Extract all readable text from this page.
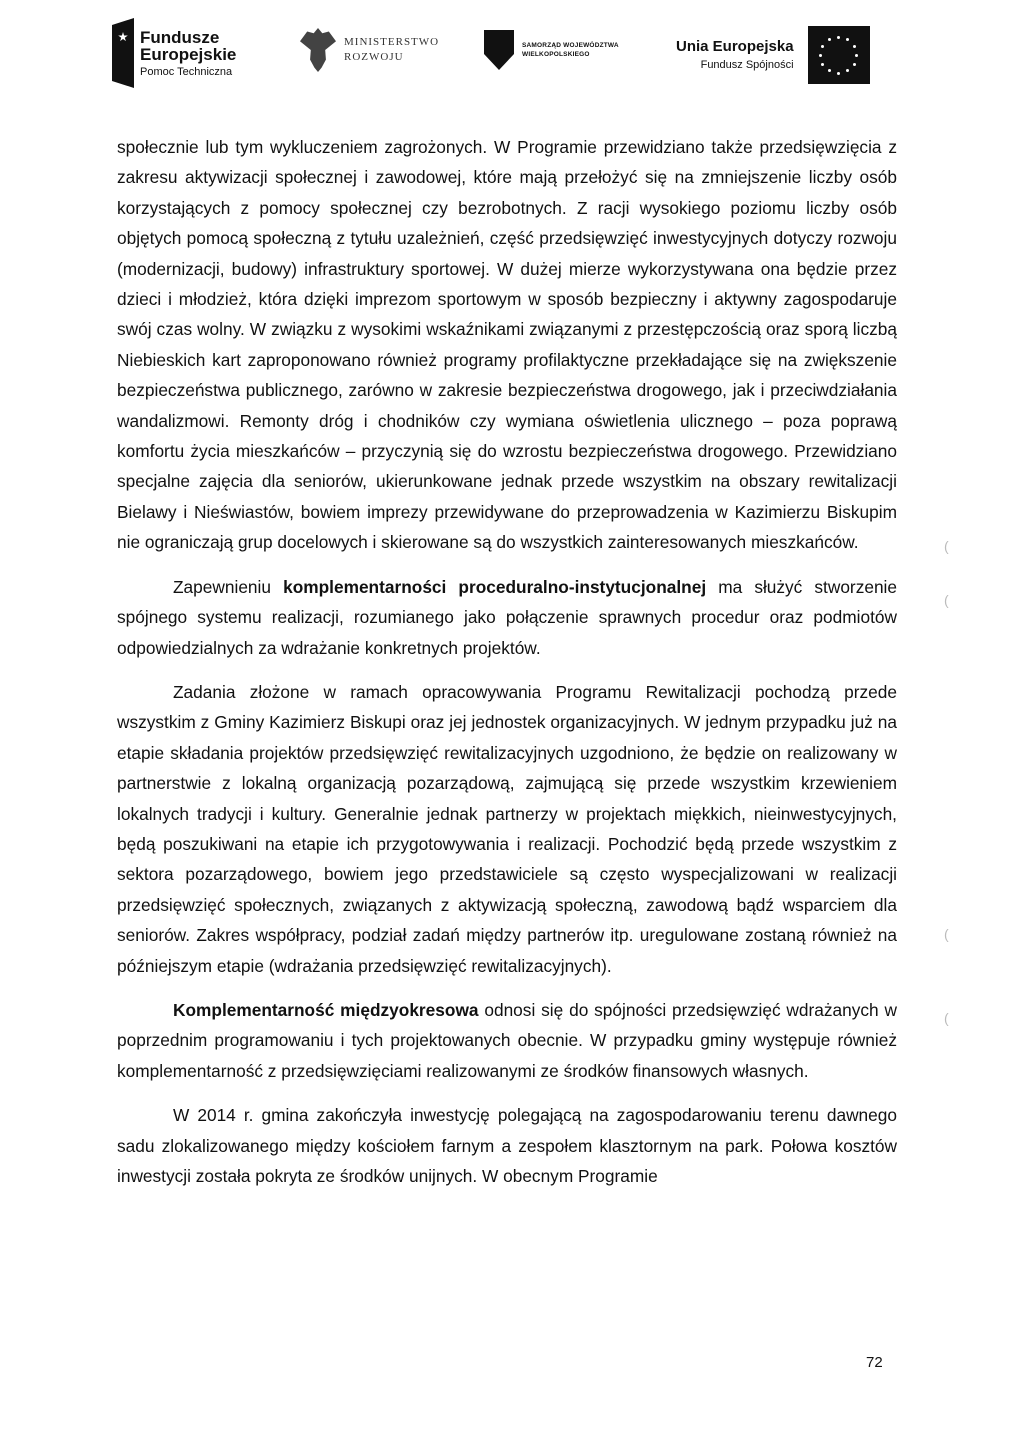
Fundusze
Europejskie
Pomoc Techniczna
MINISTERSTWO
ROZWOJU
SAMORZĄD WOJEWÓDZTWA
WIELKOPOLSKIEGO	Unia Europejska
Fundusz Spójności

społecznie lub tym wykluczeniem zagrożonych. W Programie przewidziano także przedsięwzięcia z zakresu aktywizacji społecznej i zawodowej, które mają przełożyć się na zmniejszenie liczby osób korzystających z pomocy społecznej czy bezrobotnych. Z racji wysokiego poziomu liczby osób objętych pomocą społeczną z tytułu uzależnień, część przedsięwzięć inwestycyjnych dotyczy rozwoju (modernizacji, budowy) infrastruktury sportowej. W dużej mierze wykorzystywana ona będzie przez dzieci i młodzież, która dzięki imprezom sportowym w sposób bezpieczny i aktywny zagospodaruje swój czas wolny. W związku z wysokimi wskaźnikami związanymi z przestępczością oraz sporą liczbą Niebieskich kart zaproponowano również programy profilaktyczne przekładające się na zwiększenie bezpieczeństwa publicznego, zarówno w zakresie bezpieczeństwa drogowego, jak i przeciwdziałania wandalizmowi. Remonty dróg i chodników czy wymiana oświetlenia ulicznego – poza poprawą komfortu życia mieszkańców – przyczynią się do wzrostu bezpieczeństwa drogowego. Przewidziano specjalne zajęcia dla seniorów, ukierunkowane jednak przede wszystkim na obszary rewitalizacji Bielawy i Nieświastów, bowiem imprezy przewidywane do przeprowadzenia w Kazimierzu Biskupim nie ograniczają grup docelowych i skierowane są do wszystkich zainteresowanych mieszkańców.

Zapewnieniu komplementarności proceduralno-instytucjonalnej ma służyć stworzenie spójnego systemu realizacji, rozumianego jako połączenie sprawnych procedur oraz podmiotów odpowiedzialnych za wdrażanie konkretnych projektów.

Zadania złożone w ramach opracowywania Programu Rewitalizacji pochodzą przede wszystkim z Gminy Kazimierz Biskupi oraz jej jednostek organizacyjnych. W jednym przypadku już na etapie składania projektów przedsięwzięć rewitalizacyjnych uzgodniono, że będzie on realizowany w partnerstwie z lokalną organizacją pozarządową, zajmującą się przede wszystkim krzewieniem lokalnych tradycji i kultury. Generalnie jednak partnerzy w projektach miękkich, nieinwestycyjnych, będą poszukiwani na etapie ich przygotowywania i realizacji. Pochodzić będą przede wszystkim z sektora pozarządowego, bowiem jego przedstawiciele są często wyspecjalizowani w realizacji przedsięwzięć społecznych, związanych z aktywizacją społeczną, zawodową bądź wsparciem dla seniorów. Zakres współpracy, podział zadań między partnerów itp. uregulowane zostaną również na późniejszym etapie (wdrażania przedsięwzięć rewitalizacyjnych).

Komplementarność międzyokresowa odnosi się do spójności przedsięwzięć wdrażanych w poprzednim programowaniu i tych projektowanych obecnie. W przypadku gminy występuje również komplementarność z przedsięwzięciami realizowanymi ze środków finansowych własnych.

W 2014 r. gmina zakończyła inwestycję polegającą na zagospodarowaniu terenu dawnego sadu zlokalizowanego między kościołem farnym a zespołem klasztornym na park. Połowa kosztów inwestycji została pokryta ze środków unijnych. W obecnym Programie

72
(
(
(
(
